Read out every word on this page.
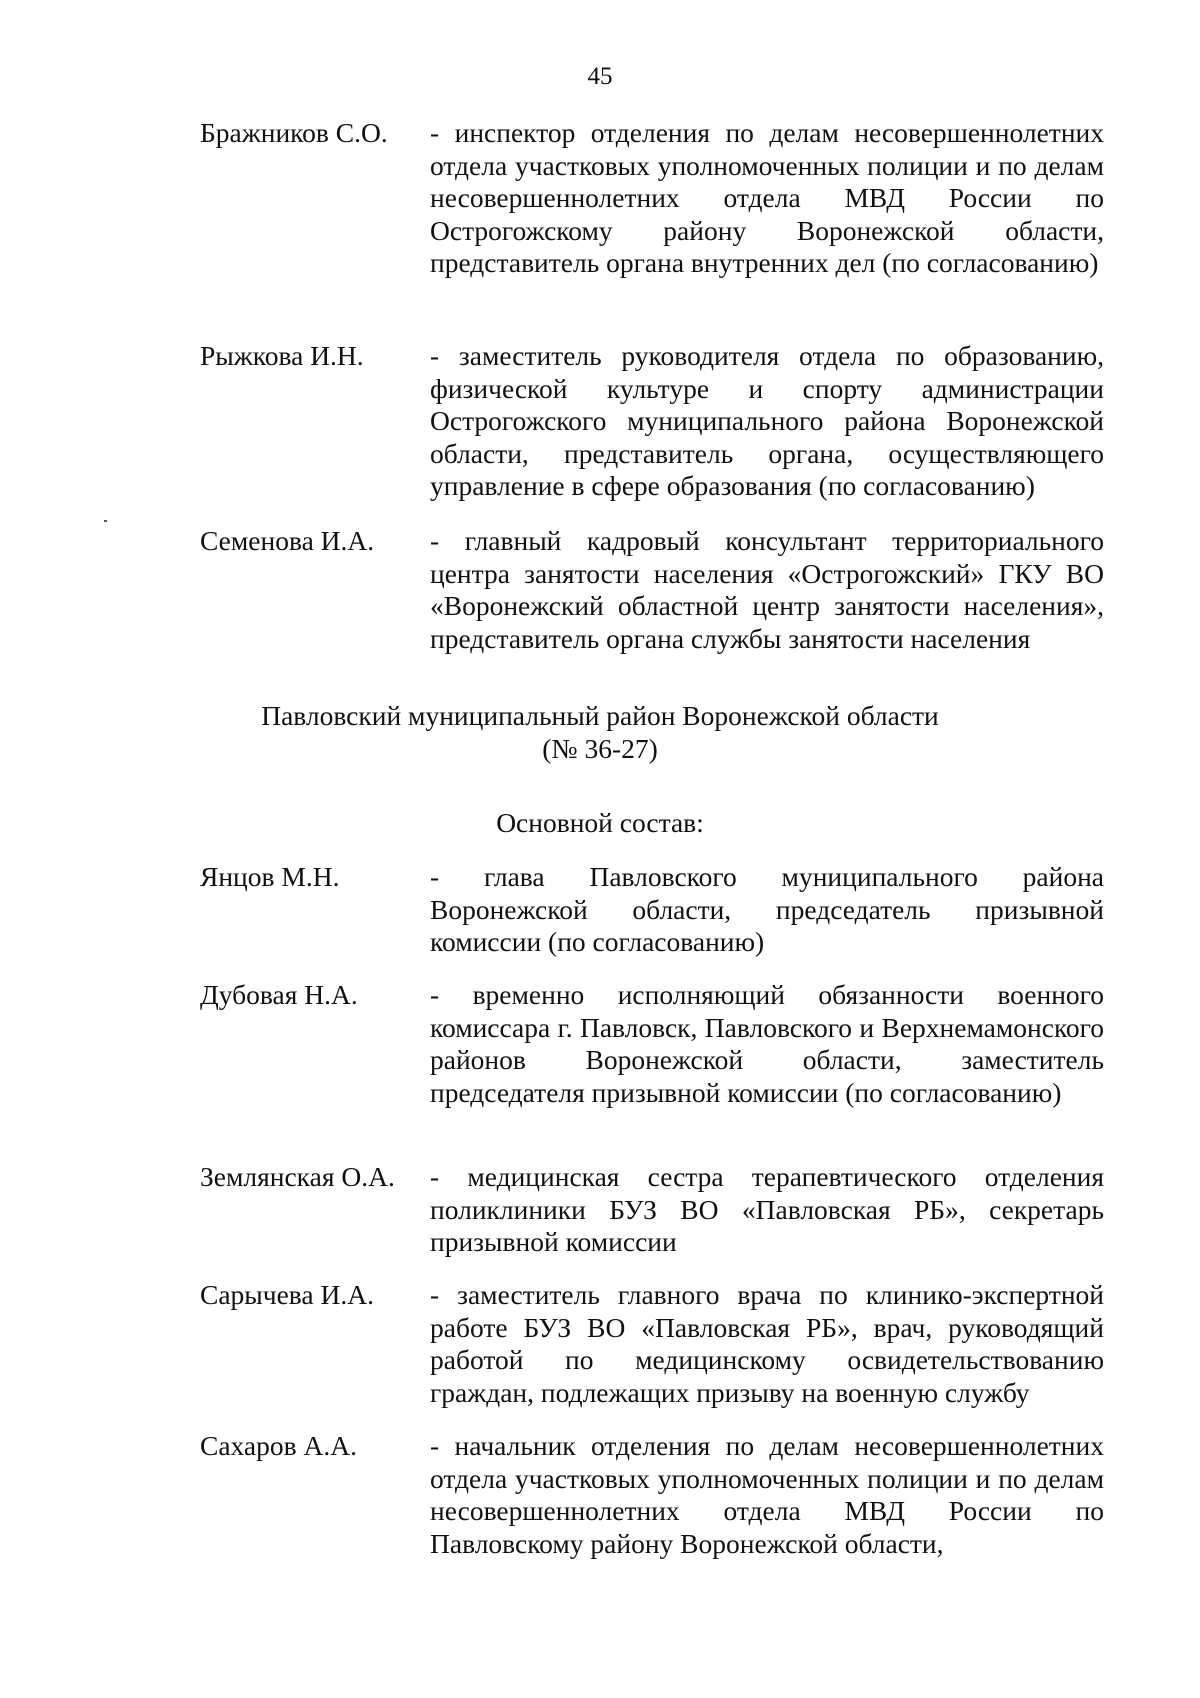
45
Бражников С.О. - инспектор отделения по делам несовершеннолетних отдела участковых уполномоченных полиции и по делам несовершеннолетних отдела МВД России по Острогожскому району Воронежской области, представитель органа внутренних дел (по согласованию)
Рыжкова И.Н. - заместитель руководителя отдела по образованию, физической культуре и спорту администрации Острогожского муниципального района Воронежской области, представитель органа, осуществляющего управление в сфере образования (по согласованию)
Семенова И.А. - главный кадровый консультант территориального центра занятости населения «Острогожский» ГКУ ВО «Воронежский областной центр занятости населения», представитель органа службы занятости населения
Павловский муниципальный район Воронежской области
(№ 36-27)
Основной состав:
Янцов М.Н.	- глава Павловского муниципального района Воронежской области, председатель призывной комиссии (по согласованию)
Дубовая Н.А.	- временно исполняющий обязанности военного комиссара г. Павловск, Павловского и Верхнемамонского районов Воронежской области, заместитель председателя призывной комиссии (по согласованию)
Землянская О.А. - медицинская сестра терапевтического отделения поликлиники БУЗ ВО «Павловская РБ», секретарь призывной комиссии
Сарычева И.А. - заместитель главного врача по клинико-экспертной работе БУЗ ВО «Павловская РБ», врач, руководящий работой по медицинскому освидетельствованию граждан, подлежащих призыву на военную службу
Сахаров А.А.	- начальник отделения по делам несовершеннолетних отдела участковых уполномоченных полиции и по делам несовершеннолетних отдела МВД России по Павловскому району Воронежской области,
